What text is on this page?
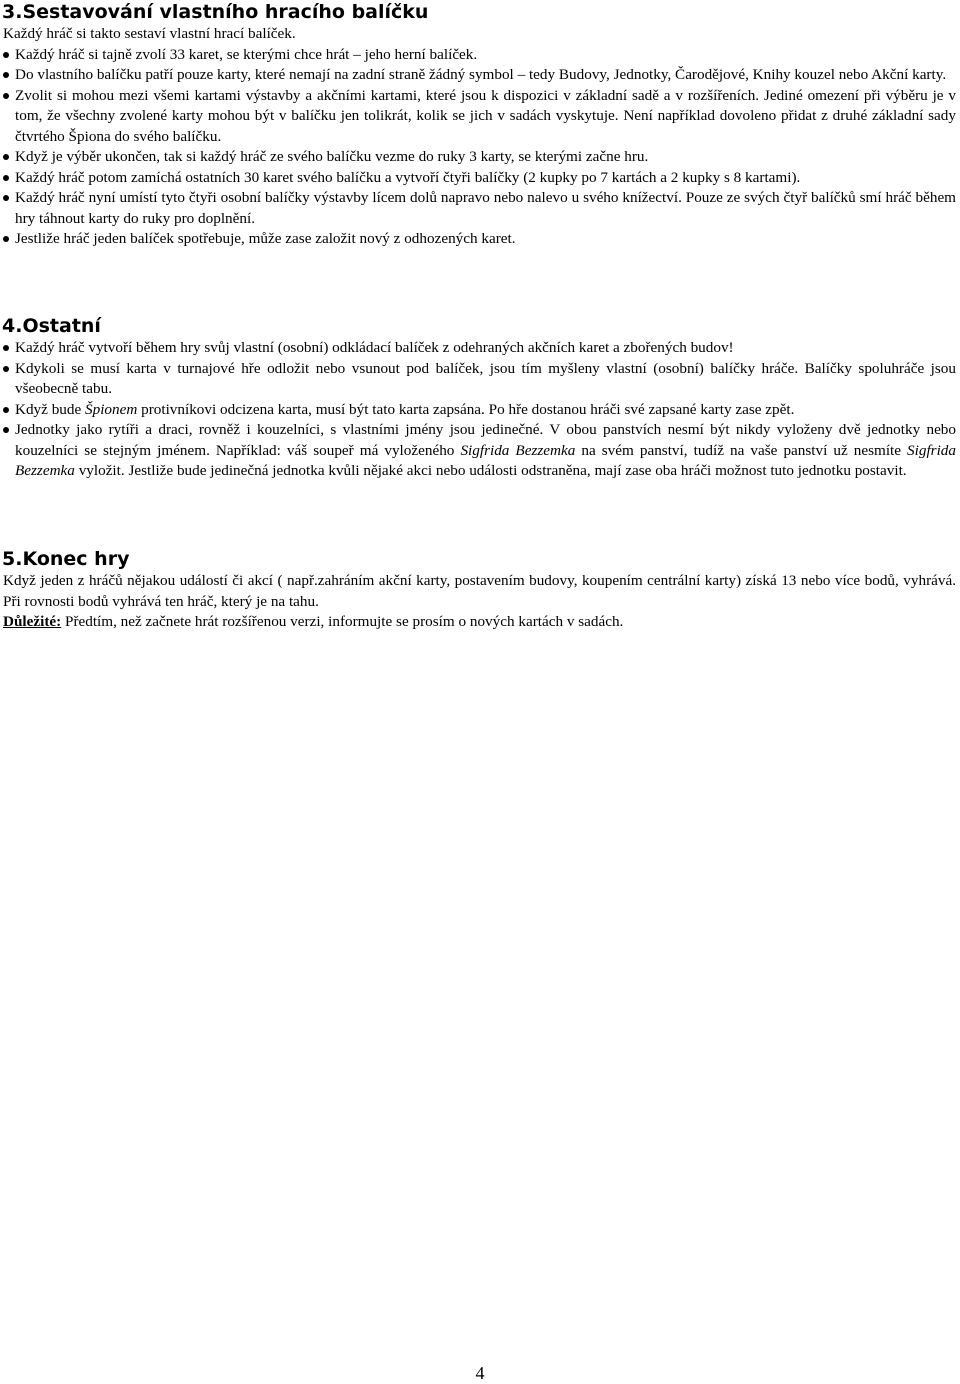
3.Sestavování vlastního hracího balíčku

Každý hráč si takto sestaví vlastní hrací balíček.

Každý hráč si tajně zvolí 33 karet, se kterými chce hrát – jeho herní balíček.
Do vlastního balíčku patří pouze karty, které nemají na zadní straně žádný symbol – tedy Budovy, Jednotky, Čarodějové, Knihy kouzel nebo Akční karty.
Zvolit si mohou mezi všemi kartami výstavby a akčními kartami, které jsou k dispozici v základní sadě a v rozšířeních. Jediné omezení při výběru je v tom, že všechny zvolené karty mohou být v balíčku jen tolikrát, kolik se jich v sadách vyskytuje. Není například dovoleno přidat z druhé základní sady čtvrtého Špiona do svého balíčku.
Když je výběr ukončen, tak si každý hráč ze svého balíčku vezme do ruky 3 karty, se kterými začne hru.
Každý hráč potom zamíchá ostatních 30 karet svého balíčku a vytvoří čtyři balíčky (2 kupky po 7 kartách a 2 kupky s 8 kartami).
Každý hráč nyní umístí tyto čtyři osobní balíčky výstavby lícem dolů napravo nebo nalevo u svého knížectví. Pouze ze svých čtyř balíčků smí hráč během hry táhnout karty do ruky pro doplnění.
Jestliže hráč jeden balíček spotřebuje, může zase založit nový z odhozených karet.
4.Ostatní
Každý hráč vytvoří během hry svůj vlastní (osobní) odkládací balíček z odehraných akčních karet a zbořených budov!
Kdykoli se musí karta v turnajové hře odložit nebo vsunout pod balíček, jsou tím myšleny vlastní (osobní) balíčky hráče. Balíčky spoluhráče jsou všeobecně tabu.
Když bude Špionem protivníkovi odcizena karta, musí být tato karta zapsána. Po hře dostanou hráči své zapsané karty zase zpět.
Jednotky jako rytíři a draci, rovněž i kouzelníci, s vlastními jmény jsou jedinečné. V obou panstvích nesmí být nikdy vyloženy dvě jednotky nebo kouzelníci se stejným jménem. Například: váš soupeř má vyloženého Sigfrida Bezzemka na svém panství, tudíž na vaše panství už nesmíte Sigfrida Bezzemka vyložit. Jestliže bude jedinečná jednotka kvůli nějaké akci nebo události odstraněna, mají zase oba hráči možnost tuto jednotku postavit.
5.Konec hry

Když jeden z hráčů nějakou událostí či akcí ( např.zahráním akční karty, postavením budovy, koupením centrální karty) získá 13 nebo více bodů, vyhrává. Při rovnosti bodů vyhrává ten hráč, který je na tahu.

Důležité: Předtím, než začnete hrát rozšířenou verzi, informujte se prosím o nových kartách v sadách.

4
